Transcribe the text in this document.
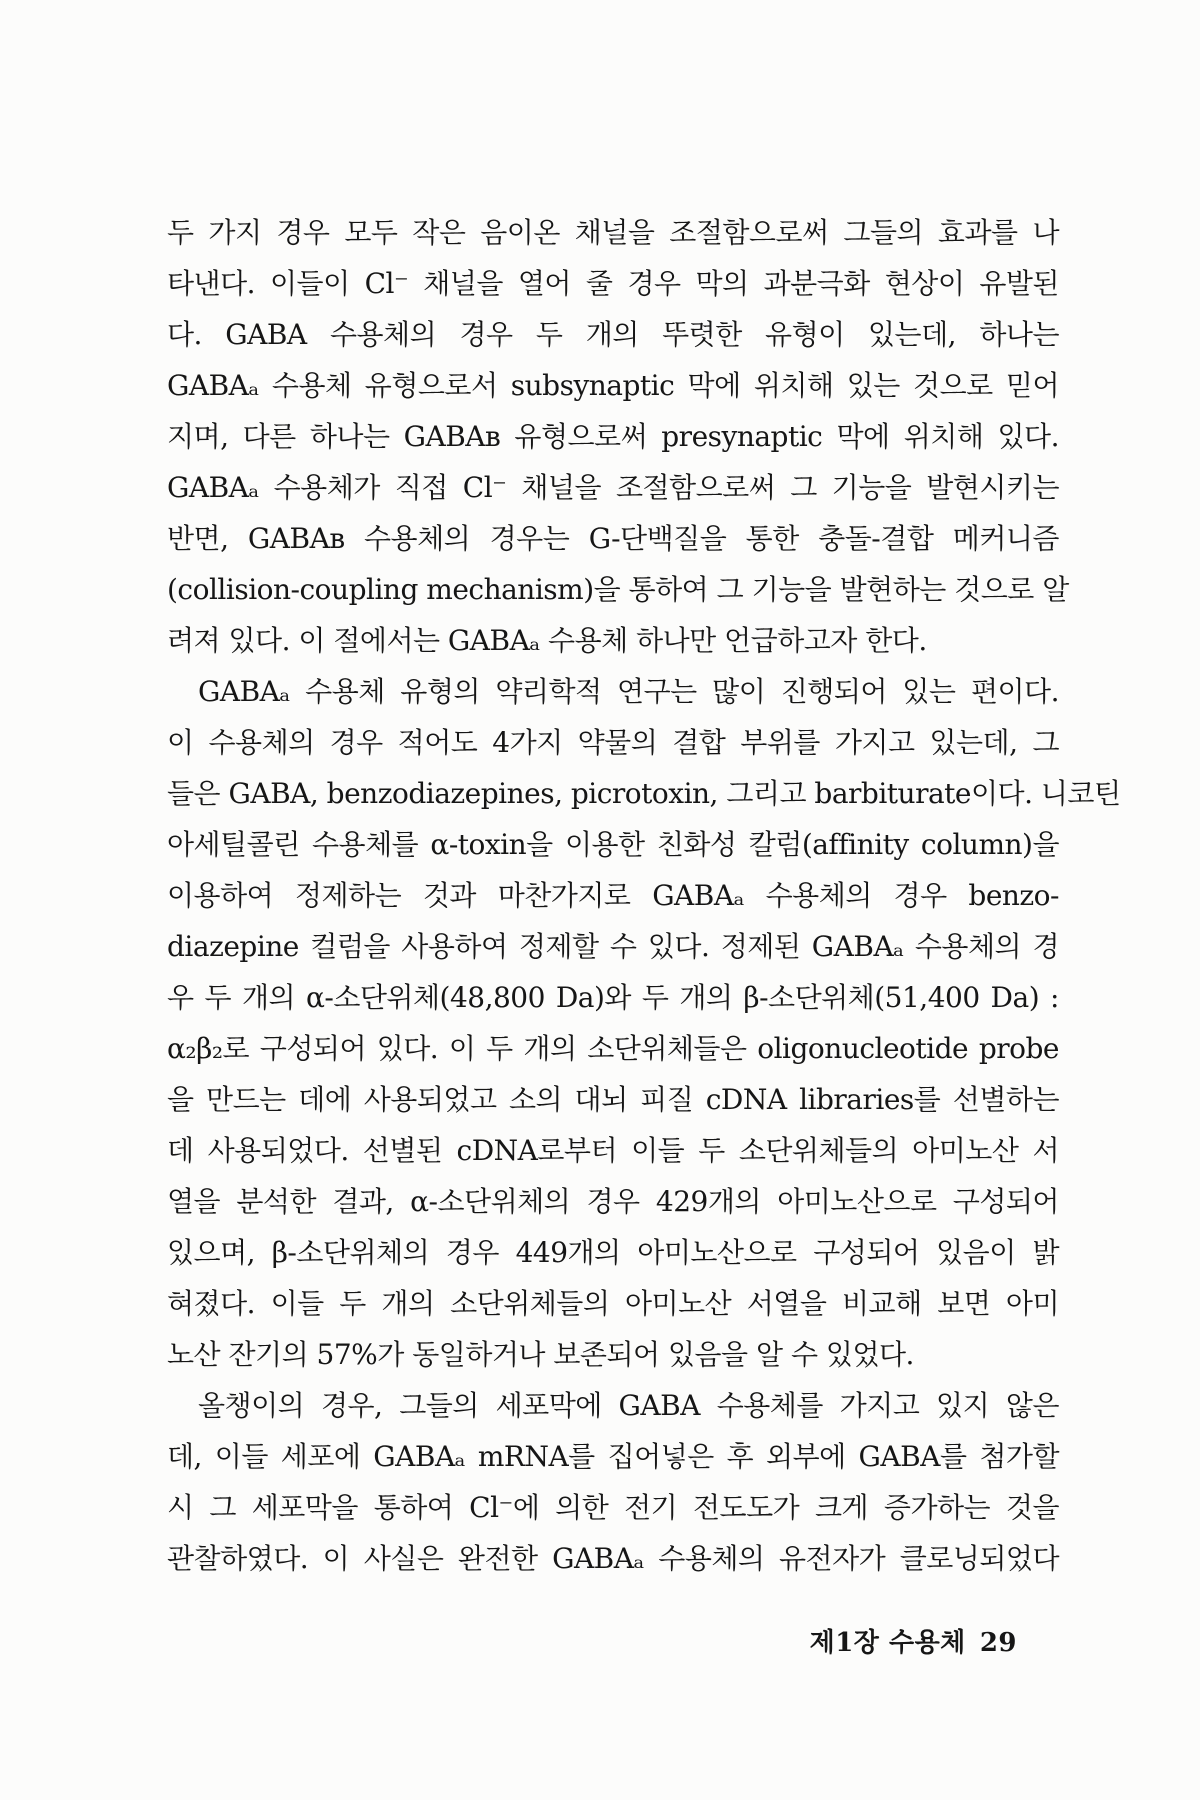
두 가지 경우 모두 작은 음이온 채널을 조절함으로써 그들의 효과를 나
타낸다. 이들이 Cl⁻ 채널을 열어 줄 경우 막의 과분극화 현상이 유발된
다. GABA 수용체의 경우 두 개의 뚜렷한 유형이 있는데, 하나는
GABAₐ 수용체 유형으로서 subsynaptic 막에 위치해 있는 것으로 믿어
지며, 다른 하나는 GABAʙ 유형으로써 presynaptic 막에 위치해 있다.
GABAₐ 수용체가 직접 Cl⁻ 채널을 조절함으로써 그 기능을 발현시키는
반면, GABAʙ 수용체의 경우는 G-단백질을 통한 충돌-결합 메커니즘
(collision-coupling mechanism)을 통하여 그 기능을 발현하는 것으로 알
려져 있다. 이 절에서는 GABAₐ 수용체 하나만 언급하고자 한다.
GABAₐ 수용체 유형의 약리학적 연구는 많이 진행되어 있는 편이다.
이 수용체의 경우 적어도 4가지 약물의 결합 부위를 가지고 있는데, 그
들은 GABA, benzodiazepines, picrotoxin, 그리고 barbiturate이다. 니코틴
아세틸콜린 수용체를 α-toxin을 이용한 친화성 칼럼(affinity column)을
이용하여 정제하는 것과 마찬가지로 GABAₐ 수용체의 경우 benzo-
diazepine 컬럼을 사용하여 정제할 수 있다. 정제된 GABAₐ 수용체의 경
우 두 개의 α-소단위체(48,800 Da)와 두 개의 β-소단위체(51,400 Da) :
α₂β₂로 구성되어 있다. 이 두 개의 소단위체들은 oligonucleotide probe
을 만드는 데에 사용되었고 소의 대뇌 피질 cDNA libraries를 선별하는
데 사용되었다. 선별된 cDNA로부터 이들 두 소단위체들의 아미노산 서
열을 분석한 결과, α-소단위체의 경우 429개의 아미노산으로 구성되어
있으며, β-소단위체의 경우 449개의 아미노산으로 구성되어 있음이 밝
혀졌다. 이들 두 개의 소단위체들의 아미노산 서열을 비교해 보면 아미
노산 잔기의 57%가 동일하거나 보존되어 있음을 알 수 있었다.
올챙이의 경우, 그들의 세포막에 GABA 수용체를 가지고 있지 않은
데, 이들 세포에 GABAₐ mRNA를 집어넣은 후 외부에 GABA를 첨가할
시 그 세포막을 통하여 Cl⁻에 의한 전기 전도도가 크게 증가하는 것을
관찰하였다. 이 사실은 완전한 GABAₐ 수용체의 유전자가 클로닝되었다
제1장 수용체 29
